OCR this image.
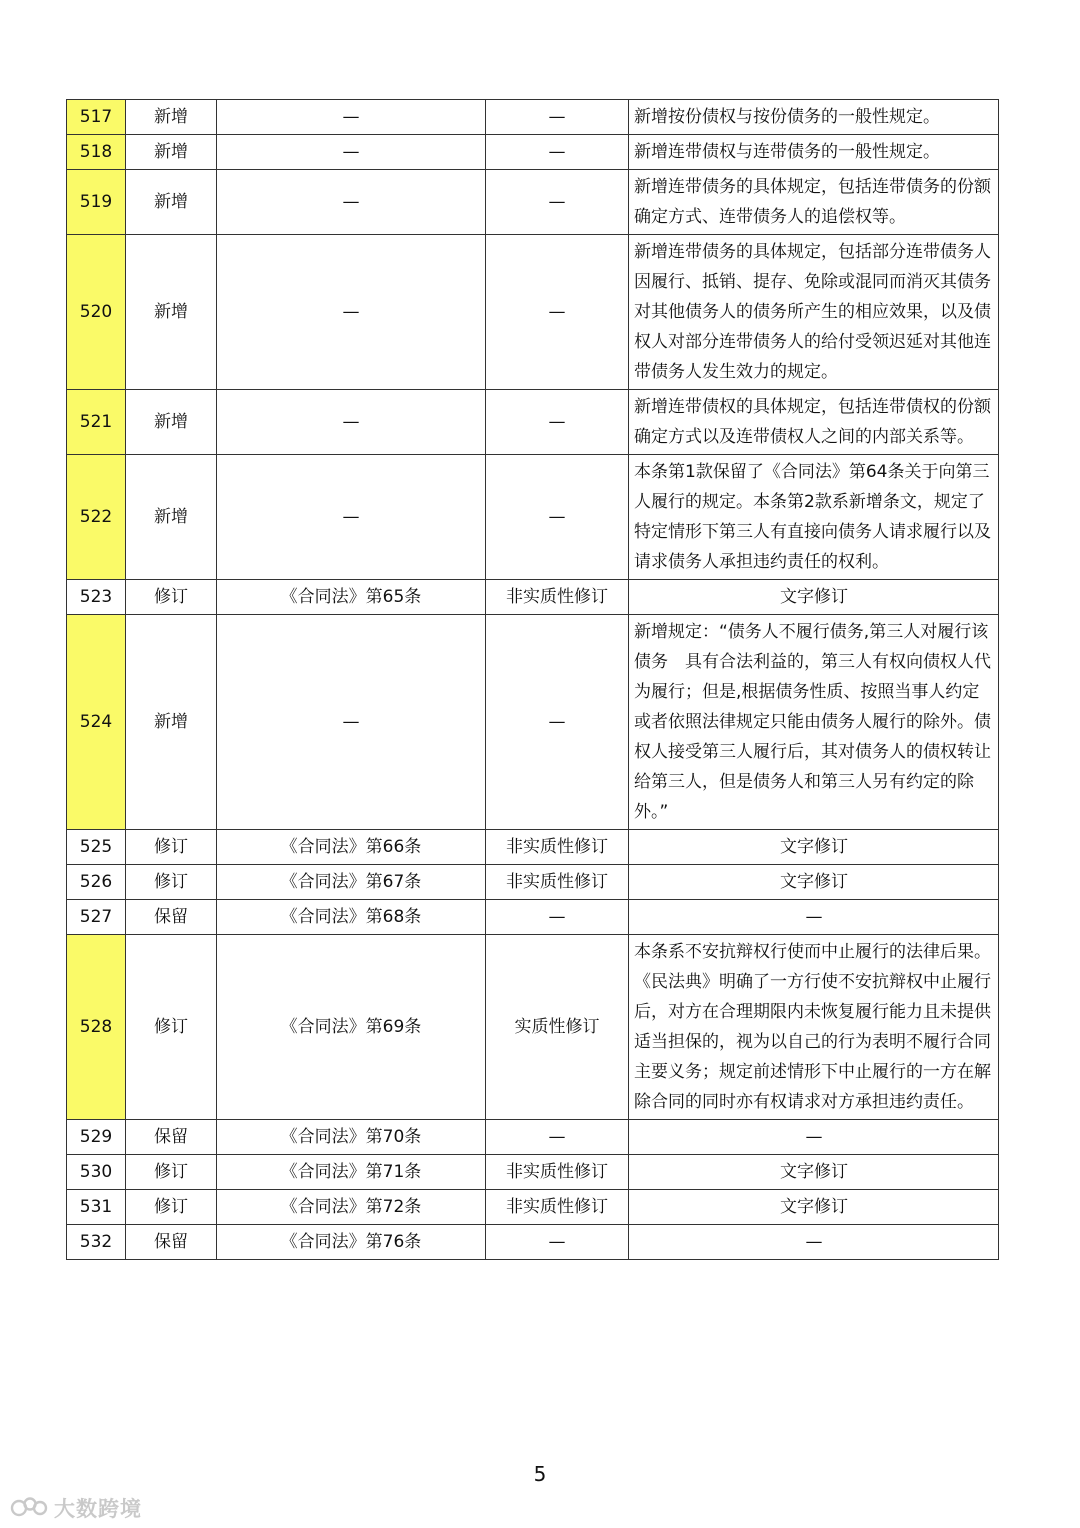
517	新增	—	—	新增按份债权与按份债务的一般性规定。
518	新增	—	—	新增连带债权与连带债务的一般性规定。
519	新增	—	—	新增连带债务的具体规定，包括连带债务的份额确定方式、连带债务人的追偿权等。
520	新增	—	—	新增连带债务的具体规定，包括部分连带债务人因履行、抵销、提存、免除或混同而消灭其债务对其他债务人的债务所产生的相应效果，以及债权人对部分连带债务人的给付受领迟延对其他连带债务人发生效力的规定。
521	新增	—	—	新增连带债权的具体规定，包括连带债权的份额确定方式以及连带债权人之间的内部关系等。
522	新增	—	—	本条第1款保留了《合同法》第64条关于向第三人履行的规定。本条第2款系新增条文，规定了特定情形下第三人有直接向债务人请求履行以及请求债务人承担违约责任的权利。
523	修订	《合同法》第65条	非实质性修订	文字修订
524	新增	—	—	新增规定：“债务人不履行债务,第三人对履行该债务　具有合法利益的，第三人有权向债权人代为履行；但是,根据债务性质、按照当事人约定或者依照法律规定只能由债务人履行的除外。债权人接受第三人履行后，其对债务人的债权转让给第三人，但是债务人和第三人另有约定的除外。”
525	修订	《合同法》第66条	非实质性修订	文字修订
526	修订	《合同法》第67条	非实质性修订	文字修订
527	保留	《合同法》第68条	—	—
528	修订	《合同法》第69条	实质性修订	本条系不安抗辩权行使而中止履行的法律后果。《民法典》明确了一方行使不安抗辩权中止履行后，对方在合理期限内未恢复履行能力且未提供适当担保的，视为以自己的行为表明不履行合同主要义务；规定前述情形下中止履行的一方在解除合同的同时亦有权请求对方承担违约责任。
529	保留	《合同法》第70条	—	—
530	修订	《合同法》第71条	非实质性修订	文字修订
531	修订	《合同法》第72条	非实质性修订	文字修订
532	保留	《合同法》第76条	—	—
5
大数跨境
